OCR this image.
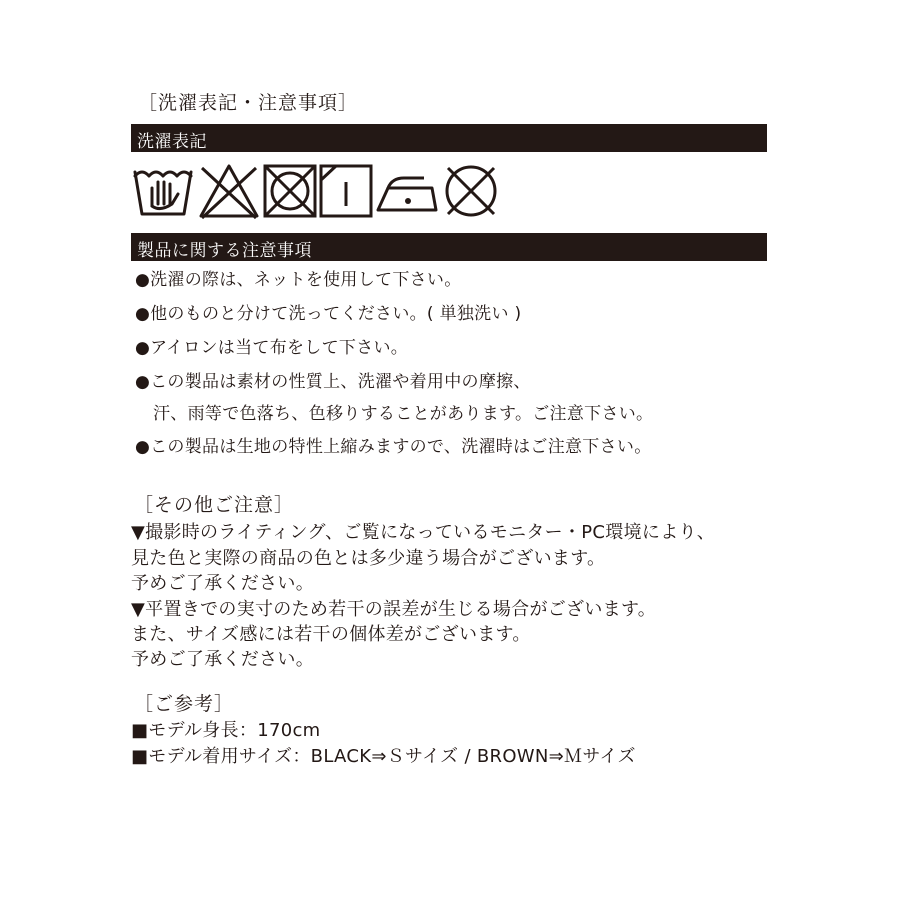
［洗濯表記・注意事項］
洗濯表記
製品に関する注意事項
●洗濯の際は、ネットを使用して下さい。
●他のものと分けて洗ってください。( 単独洗い )
●アイロンは当て布をして下さい。
●この製品は素材の性質上、洗濯や着用中の摩擦、
汗、雨等で色落ち、色移りすることがあります。ご注意下さい。
●この製品は生地の特性上縮みますので、洗濯時はご注意下さい。
［その他ご注意］
▼撮影時のライティング、ご覧になっているモニター・PC環境により、
見た色と実際の商品の色とは多少違う場合がございます。
予めご了承ください。
▼平置きでの実寸のため若干の誤差が生じる場合がございます。
また、サイズ感には若干の個体差がございます。
予めご了承ください。
［ご参考］
■モデル身長：170cm
■モデル着用サイズ：BLACK⇒Ｓサイズ / BROWN⇒Ｍサイズ
